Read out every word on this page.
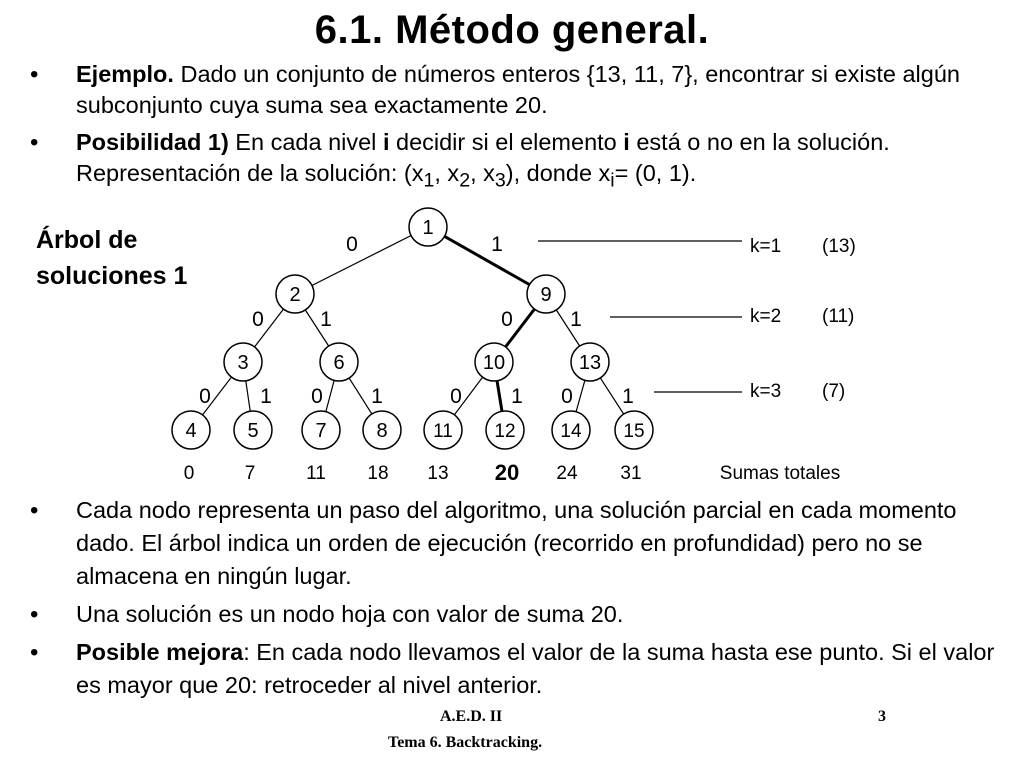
6.1. Método general.
• Ejemplo. Dado un conjunto de números enteros {13, 11, 7}, encontrar si existe algún subconjunto cuya suma sea exactamente 20.
• Posibilidad 1) En cada nivel i decidir si el elemento i está o no en la solución. Representación de la solución: ($x_1$, $x_2$, $x_3$), donde $x_i= (0$, 1).
Árbol de
soluciones 1
0	1
0	1	0	1
0 1 0 1	0 1 0 1
1
2	9
3	6	10	13
4	5	7 8 11 12 14 15
k=1 (13)
k=2 (11)
k=3 (7)
0	7	11 18 13 20 24 31	Sumas totales
• Cada nodo representa un paso del algoritmo, una solución parcial en cada momento dado. El árbol indica un orden de ejecución (recorrido en profundidad) pero no se almacena en ningún lugar.
• Una solución es un nodo hoja con valor de suma 20.
• Posible mejora: En cada nodo llevamos el valor de la suma hasta ese punto. Si el valor es mayor que 20: retroceder al nivel anterior.
A.E.D. II
Tema 6. Backtracking.
3
